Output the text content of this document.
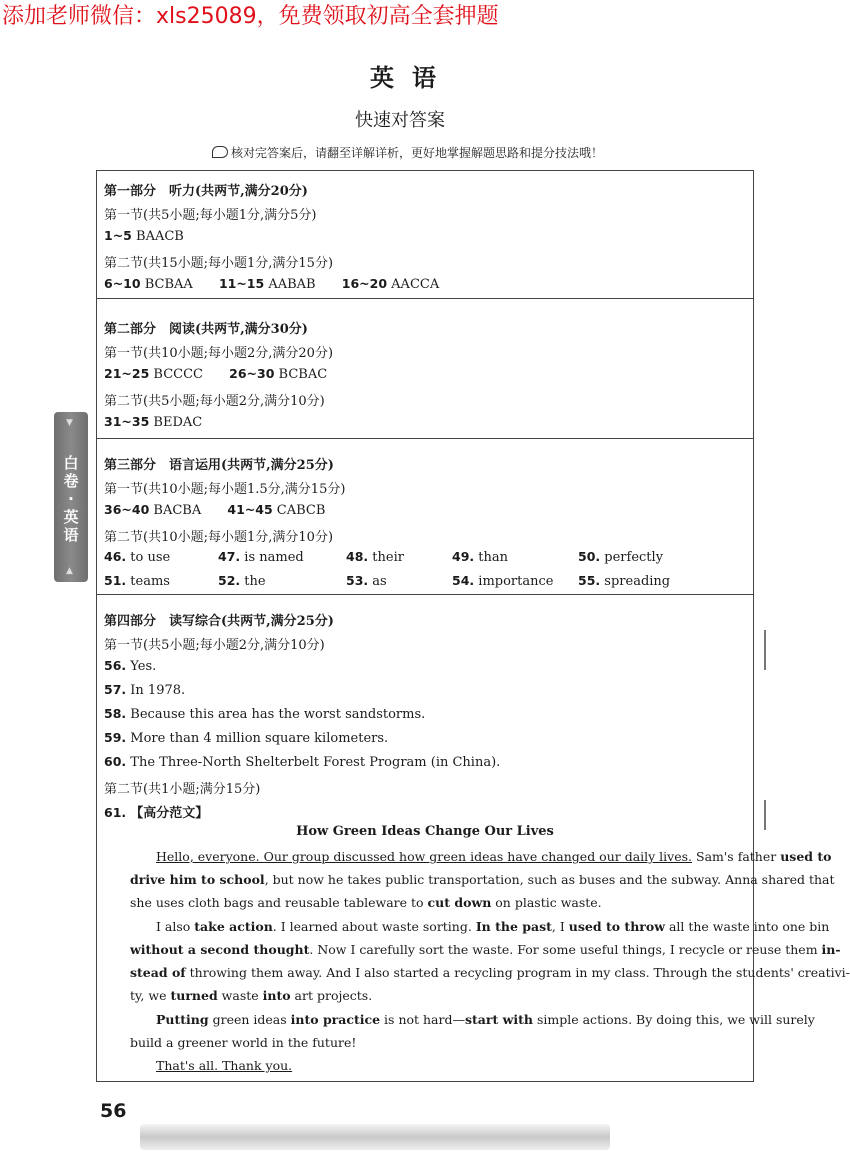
添加老师微信：xls25089，免费领取初高全套押题
英语
快速对答案
核对完答案后，请翻至详解详析，更好地掌握解题思路和提分技法哦！
▼
白卷·英语
▲
第一部分　听力(共两节,满分20分)
第一节(共5小题;每小题1分,满分5分)
1~5 BAACB
第二节(共15小题;每小题1分,满分15分)
6~10 BCBAA 11~15 AABAB 16~20 AACCA
第二部分　阅读(共两节,满分30分)
第一节(共10小题;每小题2分,满分20分)
21~25 BCCCC 26~30 BCBAC
第二节(共5小题;每小题2分,满分10分)
31~35 BEDAC
第三部分　语言运用(共两节,满分25分)
第一节(共10小题;每小题1.5分,满分15分)
36~40 BACBA 41~45 CABCB
第二节(共10小题;每小题1分,满分10分)
46. to use	47. is named	48. their	49. than	50. perfectly
51. teams	52. the	53. as	54. importance 55. spreading
第四部分　读写综合(共两节,满分25分)
第一节(共5小题;每小题2分,满分10分)
56. Yes.
57. In 1978.
58. Because this area has the worst sandstorms.
59. More than 4 million square kilometers.
60. The Three-North Shelterbelt Forest Program (in China).
第二节(共1小题;满分15分)
61. 【高分范文】
How Green Ideas Change Our Lives
Hello, everyone. Our group discussed how green ideas have changed our daily lives. Sam's father used to
drive him to school, but now he takes public transportation, such as buses and the subway. Anna shared that
she uses cloth bags and reusable tableware to cut down on plastic waste.
I also take action. I learned about waste sorting. In the past, I used to throw all the waste into one bin
without a second thought. Now I carefully sort the waste. For some useful things, I recycle or reuse them in-
stead of throwing them away. And I also started a recycling program in my class. Through the students' creativi-
ty, we turned waste into art projects.
Putting green ideas into practice is not hard—start with simple actions. By doing this, we will surely
build a greener world in the future!
That's all. Thank you.
56
